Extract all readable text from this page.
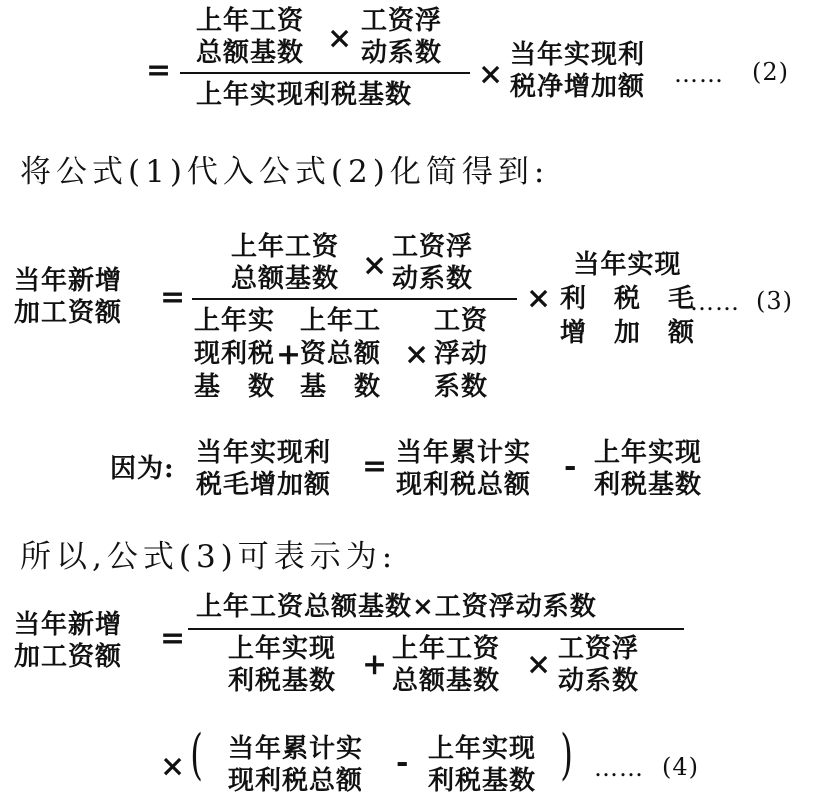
=
上年工资
总额基数 × 工资浮
动系数
上年实现利税基数
×
当年实现利
税净增加额 …… (2)
将公式(1)代入公式(2)化简得到:
当年新增
加工资额 =
上年工资
总额基数 ×
工资浮
动系数
上年实
现利税
基　数
+
上年工
资总额
基　数
×
工资
浮动
系数
×
当年实现
利　税　毛
增　加　额
…… (3)
因为:
当年实现利
税毛增加额
= 当年累计实
现利税总额
- 上年实现
利税基数
所以,公式(3)可表示为:
当年新增
加工资额
=
上年工资总额基数×工资浮动系数
上年实现
利税基数 + 上年工资
总额基数 × 工资浮
动系数
× ( 当年累计实
现利税总额
- 上年实现
利税基数 ) …… (4)
